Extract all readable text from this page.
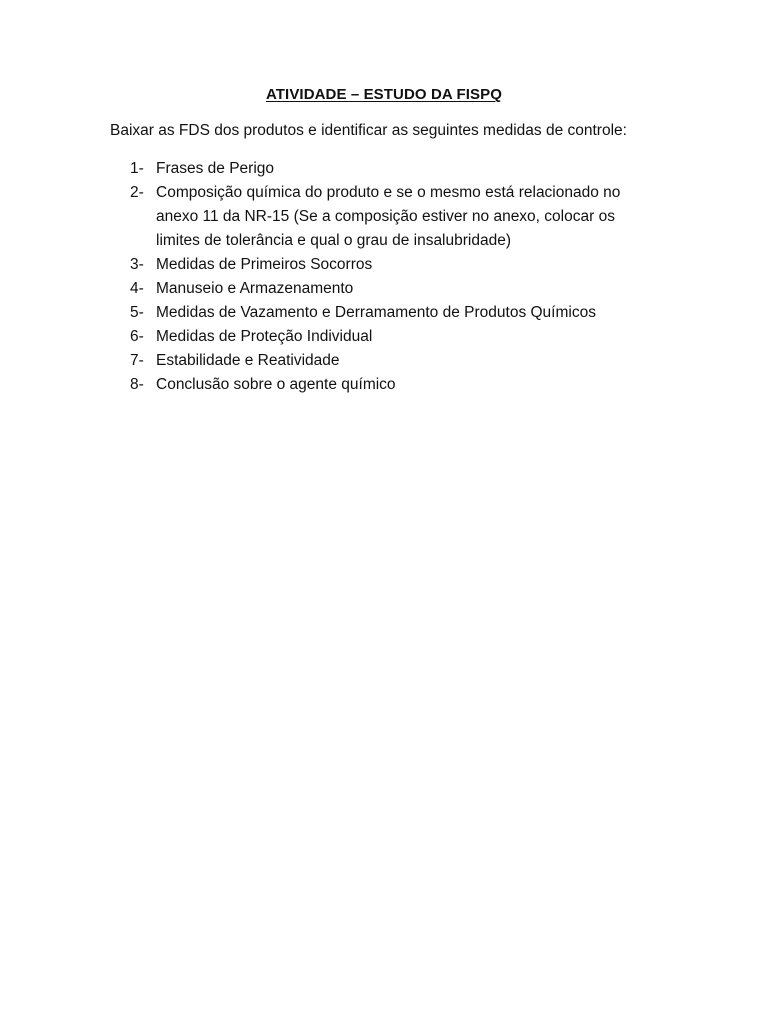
ATIVIDADE – ESTUDO DA FISPQ
Baixar as FDS dos produtos e identificar as seguintes medidas de controle:
1- Frases de Perigo
2- Composição química do produto e se o mesmo está relacionado no
anexo 11 da NR-15 (Se a composição estiver no anexo, colocar os
limites de tolerância e qual o grau de insalubridade)
3- Medidas de Primeiros Socorros
4- Manuseio e Armazenamento
5- Medidas de Vazamento e Derramamento de Produtos Químicos
6- Medidas de Proteção Individual
7- Estabilidade e Reatividade
8- Conclusão sobre o agente químico
